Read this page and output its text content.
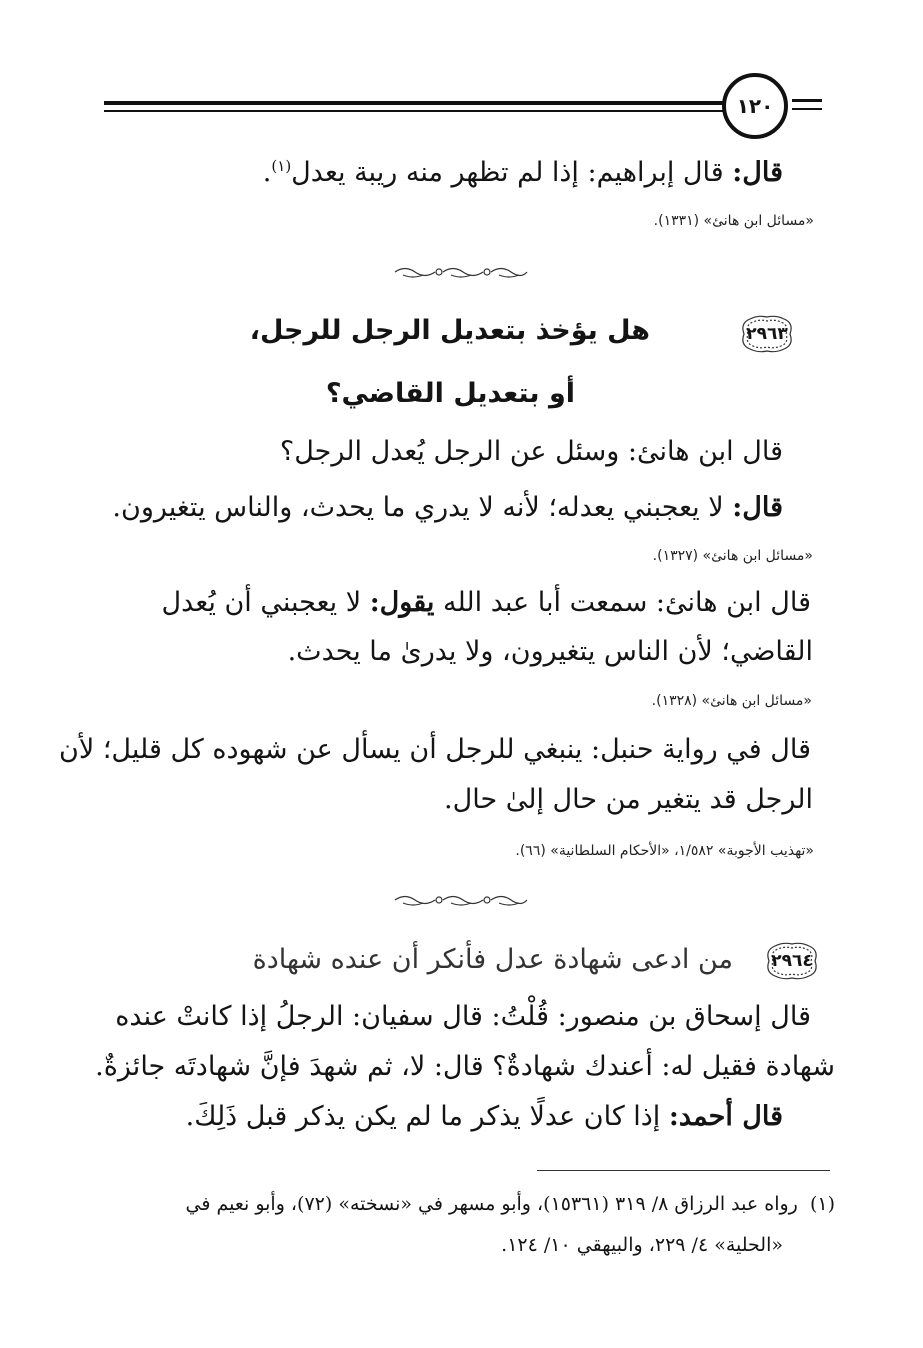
١٢٠
قال: قال إبراهيم: إذا لم تظهر منه ريبة يعدل$^{(١)}$.
«مسائل ابن هانئ» (١٣٣١).
٢٩٦٣
هل يؤخذ بتعديل الرجل للرجل،
أو بتعديل القاضي؟
قال ابن هانئ: وسئل عن الرجل يُعدل الرجل؟
قال: لا يعجبني يعدله؛ لأنه لا يدري ما يحدث، والناس يتغيرون.
«مسائل ابن هانئ» (١٣٢٧).
قال ابن هانئ: سمعت أبا عبد الله يقول: لا يعجبني أن يُعدل
القاضي؛ لأن الناس يتغيرون، ولا يدرىٰ ما يحدث.
«مسائل ابن هانئ» (١٣٢٨).
قال في رواية حنبل: ينبغي للرجل أن يسأل عن شهوده كل قليل؛ لأن
الرجل قد يتغير من حال إلىٰ حال.
«تهذيب الأجوبة» ١/٥٨٢، «الأحكام السلطانية» (٦٦).
٢٩٦٤
من ادعى شهادة عدل فأنكر أن عنده شهادة
قال إسحاق بن منصور: قُلْتُ: قال سفيان: الرجلُ إذا كانتْ عنده
شهادة فقيل له: أعندك شهادةٌ؟ قال: لا، ثم شهدَ فإنَّ شهادتَه جائزةٌ.
قال أحمد: إذا كان عدلًا يذكر ما لم يكن يذكر قبل ذَلِكَ.
(١)  رواه عبد الرزاق ٨/ ٣١٩ (١٥٣٦١)، وأبو مسهر في «نسخته» (٧٢)، وأبو نعيم في
«الحلية» ٤/ ٢٢٩، والبيهقي ١٠/ ١٢٤.
